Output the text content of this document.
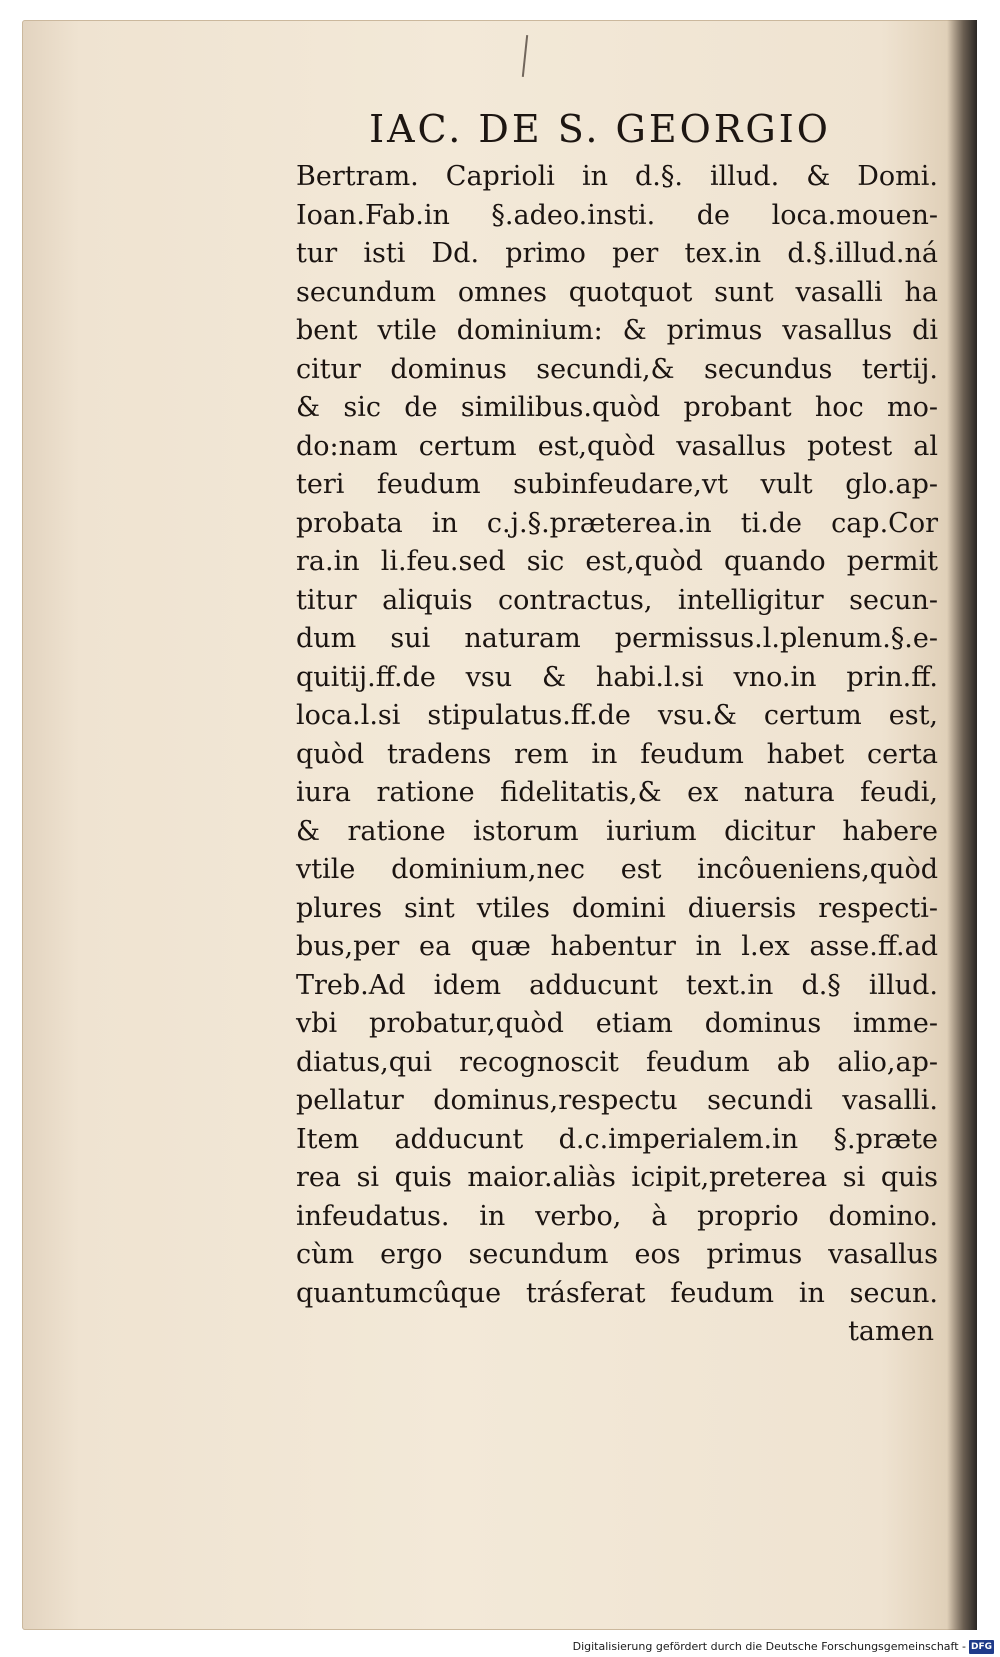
IAC. DE S. GEORGIO
Bertram. Caprioli in d.§. illud. & Domi.
Ioan.Fab.in §.adeo.insti. de loca.mouen-
tur isti Dd. primo per tex.in d.§.illud.ná
secundum omnes quotquot sunt vasalli ha
bent vtile dominium: & primus vasallus di
citur dominus secundi,& secundus tertij.
& sic de similibus.quòd probant hoc mo-
do:nam certum est,quòd vasallus potest al
teri feudum subinfeudare,vt vult glo.ap-
probata in c.j.§.præterea.in ti.de cap.Cor
ra.in li.feu.sed sic est,quòd quando permit
titur aliquis contractus, intelligitur secun-
dum sui naturam permissus.l.plenum.§.e-
quitij.ff.de vsu & habi.l.si vno.in prin.ff.
loca.l.si stipulatus.ff.de vsu.& certum est,
quòd tradens rem in feudum habet certa
iura ratione fidelitatis,& ex natura feudi,
& ratione istorum iurium dicitur habere
vtile dominium,nec est incôueniens,quòd
plures sint vtiles domini diuersis respecti-
bus,per ea quæ habentur in l.ex asse.ff.ad
Treb.Ad idem adducunt text.in d.§ illud.
vbi probatur,quòd etiam dominus imme-
diatus,qui recognoscit feudum ab alio,ap-
pellatur dominus,respectu secundi vasalli.
Item adducunt d.c.imperialem.in §.præte
rea si quis maior.aliàs icipit,preterea si quis
infeudatus. in verbo, à proprio domino.
cùm ergo secundum eos primus vasallus
quantumcûque trásferat feudum in secun.
tamen
Digitalisierung gefördert durch die Deutsche Forschungsgemeinschaft - DFG
